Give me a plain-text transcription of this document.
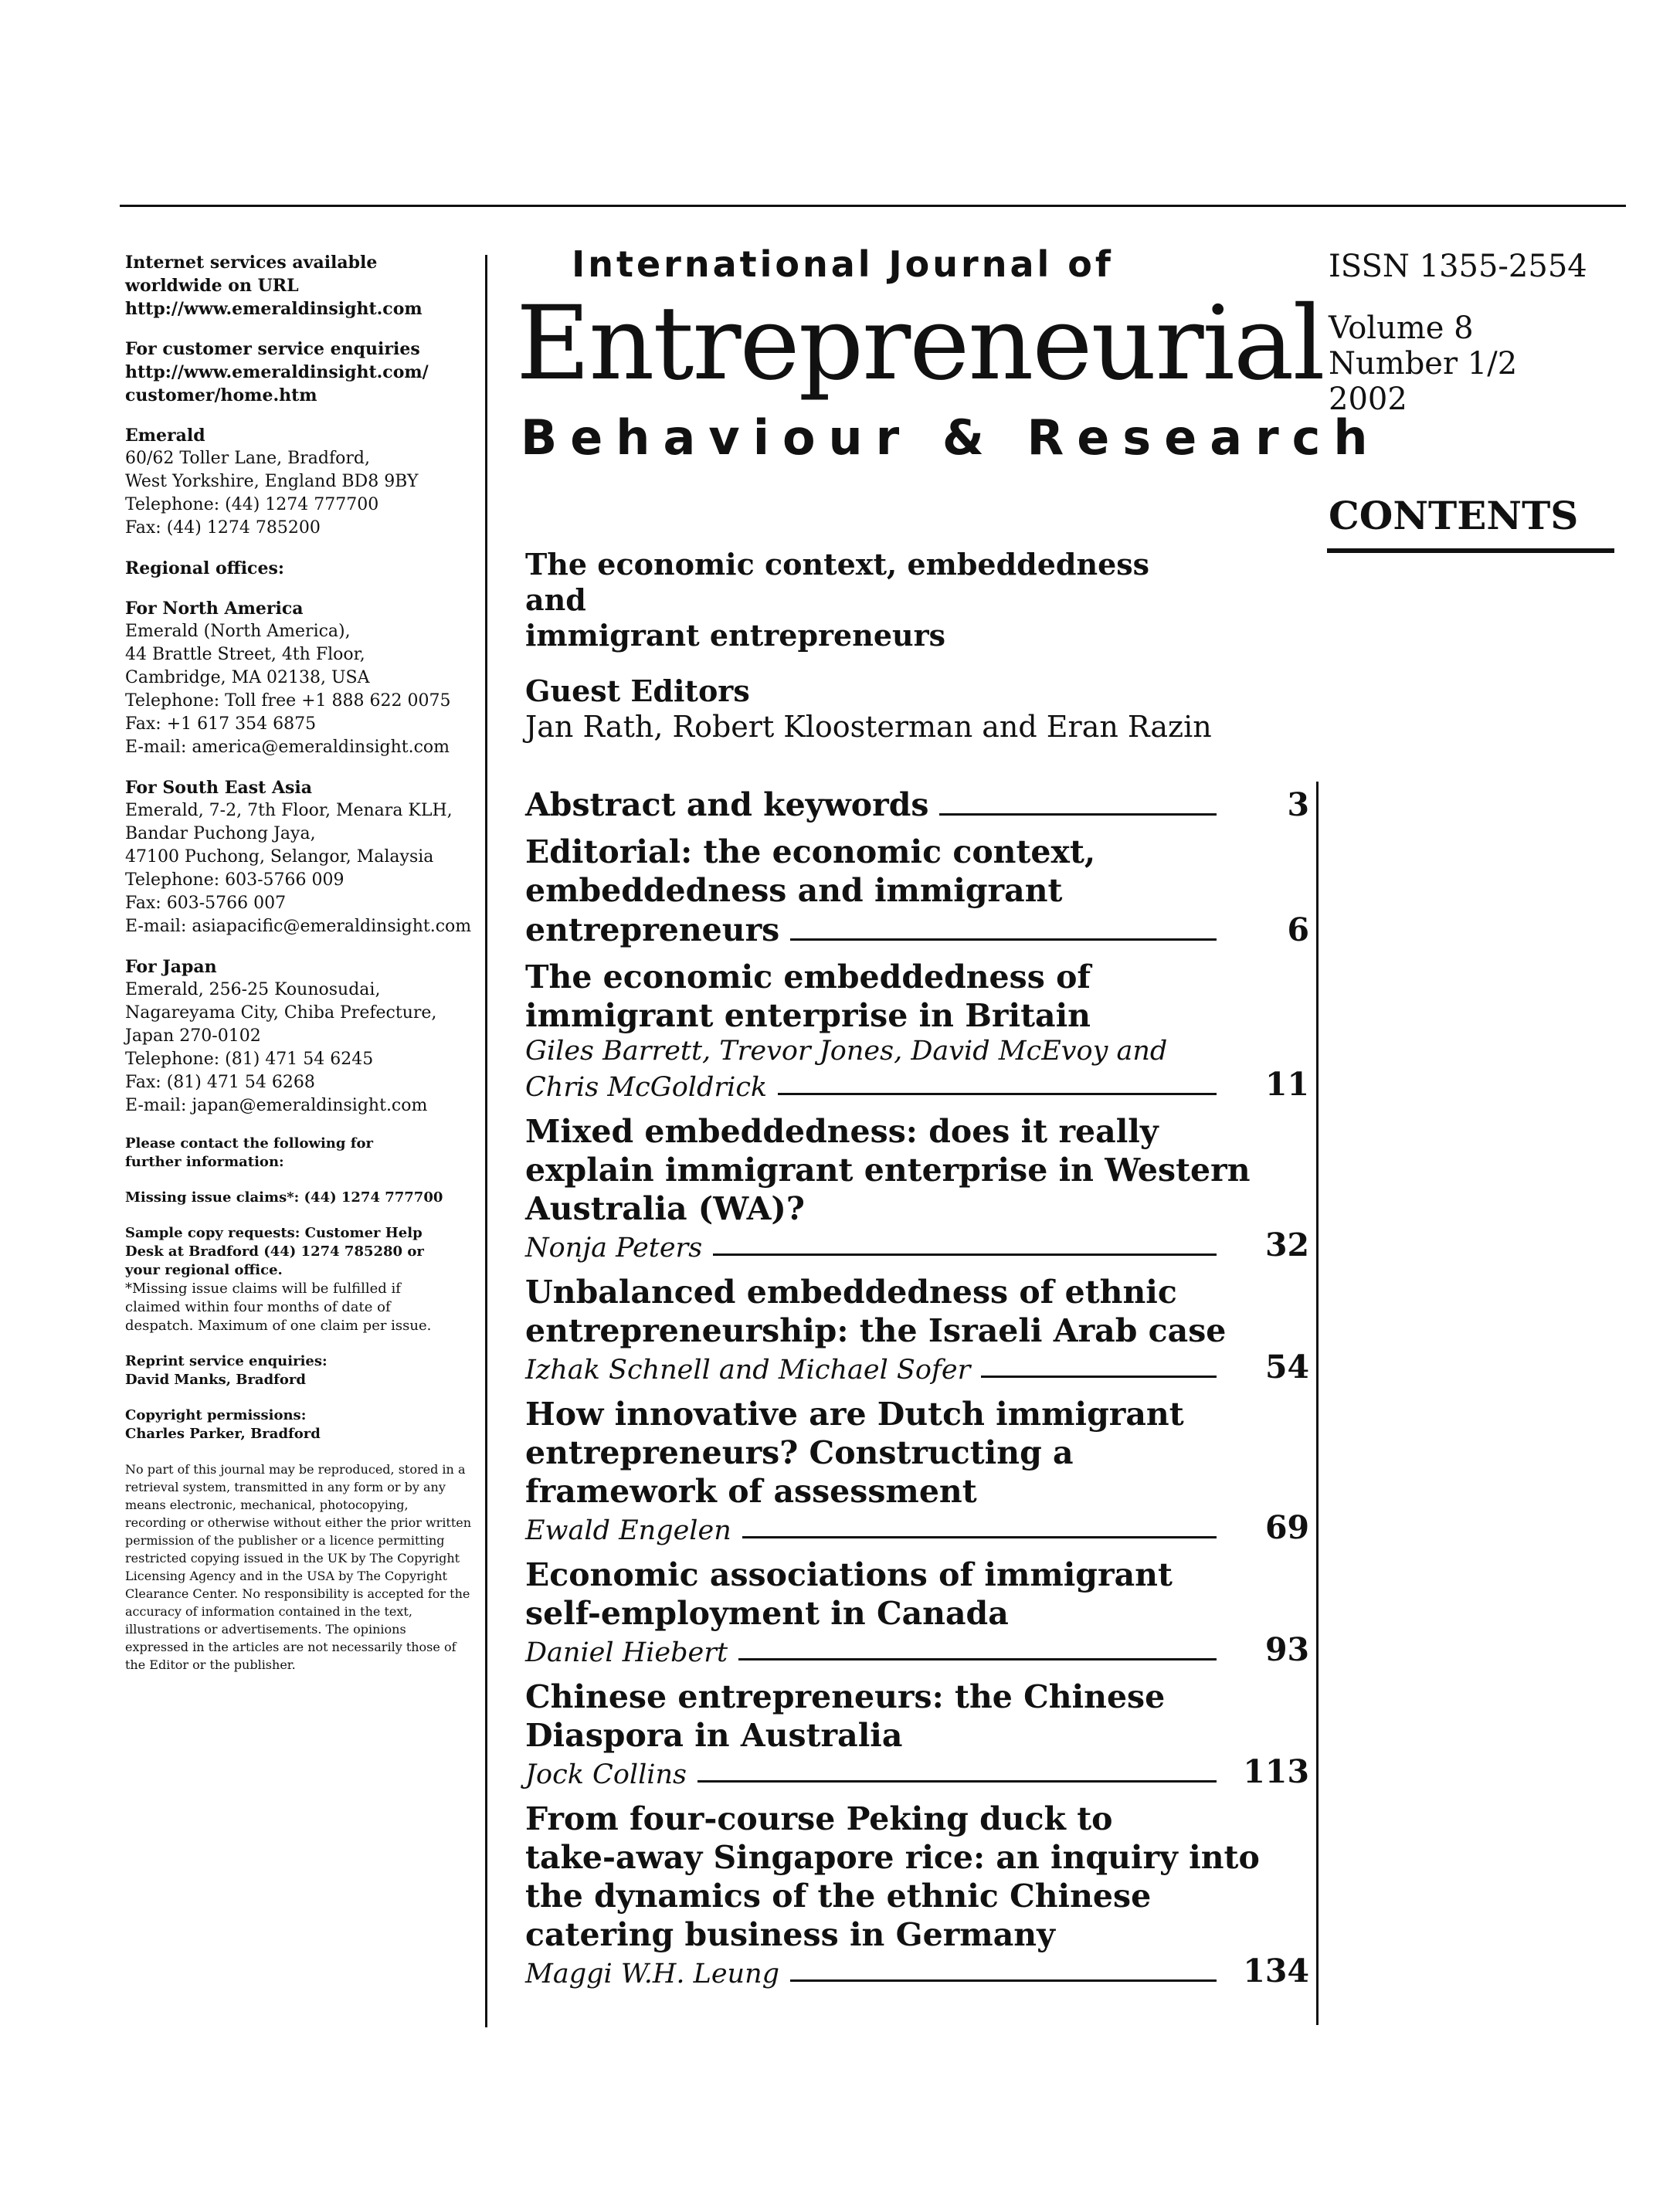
Internet services available
worldwide on URL
http://www.emeraldinsight.com
For customer service enquiries
http://www.emeraldinsight.com/
customer/home.htm
Emerald
60/62 Toller Lane, Bradford,
West Yorkshire, England BD8 9BY
Telephone: (44) 1274 777700
Fax: (44) 1274 785200
Regional offices:
For North America
Emerald (North America),
44 Brattle Street, 4th Floor,
Cambridge, MA 02138, USA
Telephone: Toll free +1 888 622 0075
Fax: +1 617 354 6875
E-mail: america@emeraldinsight.com
For South East Asia
Emerald, 7-2, 7th Floor, Menara KLH,
Bandar Puchong Jaya,
47100 Puchong, Selangor, Malaysia
Telephone: 603-5766 009
Fax: 603-5766 007
E-mail: asiapacific@emeraldinsight.com
For Japan
Emerald, 256-25 Kounosudai,
Nagareyama City, Chiba Prefecture,
Japan 270-0102
Telephone: (81) 471 54 6245
Fax: (81) 471 54 6268
E-mail: japan@emeraldinsight.com
Please contact the following for
further information:
Missing issue claims*: (44) 1274 777700
Sample copy requests: Customer Help
Desk at Bradford (44) 1274 785280 or
your regional office.
*Missing issue claims will be fulfilled if
claimed within four months of date of
despatch. Maximum of one claim per issue.
Reprint service enquiries:
David Manks, Bradford
Copyright permissions:
Charles Parker, Bradford
No part of this journal may be reproduced, stored in a
retrieval system, transmitted in any form or by any
means electronic, mechanical, photocopying,
recording or otherwise without either the prior written
permission of the publisher or a licence permitting
restricted copying issued in the UK by The Copyright
Licensing Agency and in the USA by The Copyright
Clearance Center. No responsibility is accepted for the
accuracy of information contained in the text,
illustrations or advertisements. The opinions
expressed in the articles are not necessarily those of
the Editor or the publisher.
International Journal of
Entrepreneurial
Behaviour & Research
ISSN 1355-2554
Volume 8
Number 1/2
2002
CONTENTS
The economic context, embeddedness and
immigrant entrepreneurs
Guest Editors
Jan Rath, Robert Kloosterman and Eran Razin
Abstract and keywords	3
Editorial: the economic context,
embeddedness and immigrant
entrepreneurs	6
The economic embeddedness of
immigrant enterprise in Britain
Giles Barrett, Trevor Jones, David McEvoy and
Chris McGoldrick	11
Mixed embeddedness: does it really
explain immigrant enterprise in Western
Australia (WA)?
Nonja Peters	32
Unbalanced embeddedness of ethnic
entrepreneurship: the Israeli Arab case
Izhak Schnell and Michael Sofer	54
How innovative are Dutch immigrant
entrepreneurs? Constructing a
framework of assessment
Ewald Engelen	69
Economic associations of immigrant
self-employment in Canada
Daniel Hiebert	93
Chinese entrepreneurs: the Chinese
Diaspora in Australia
Jock Collins	113
From four-course Peking duck to
take-away Singapore rice: an inquiry into
the dynamics of the ethnic Chinese
catering business in Germany
Maggi W.H. Leung	134
